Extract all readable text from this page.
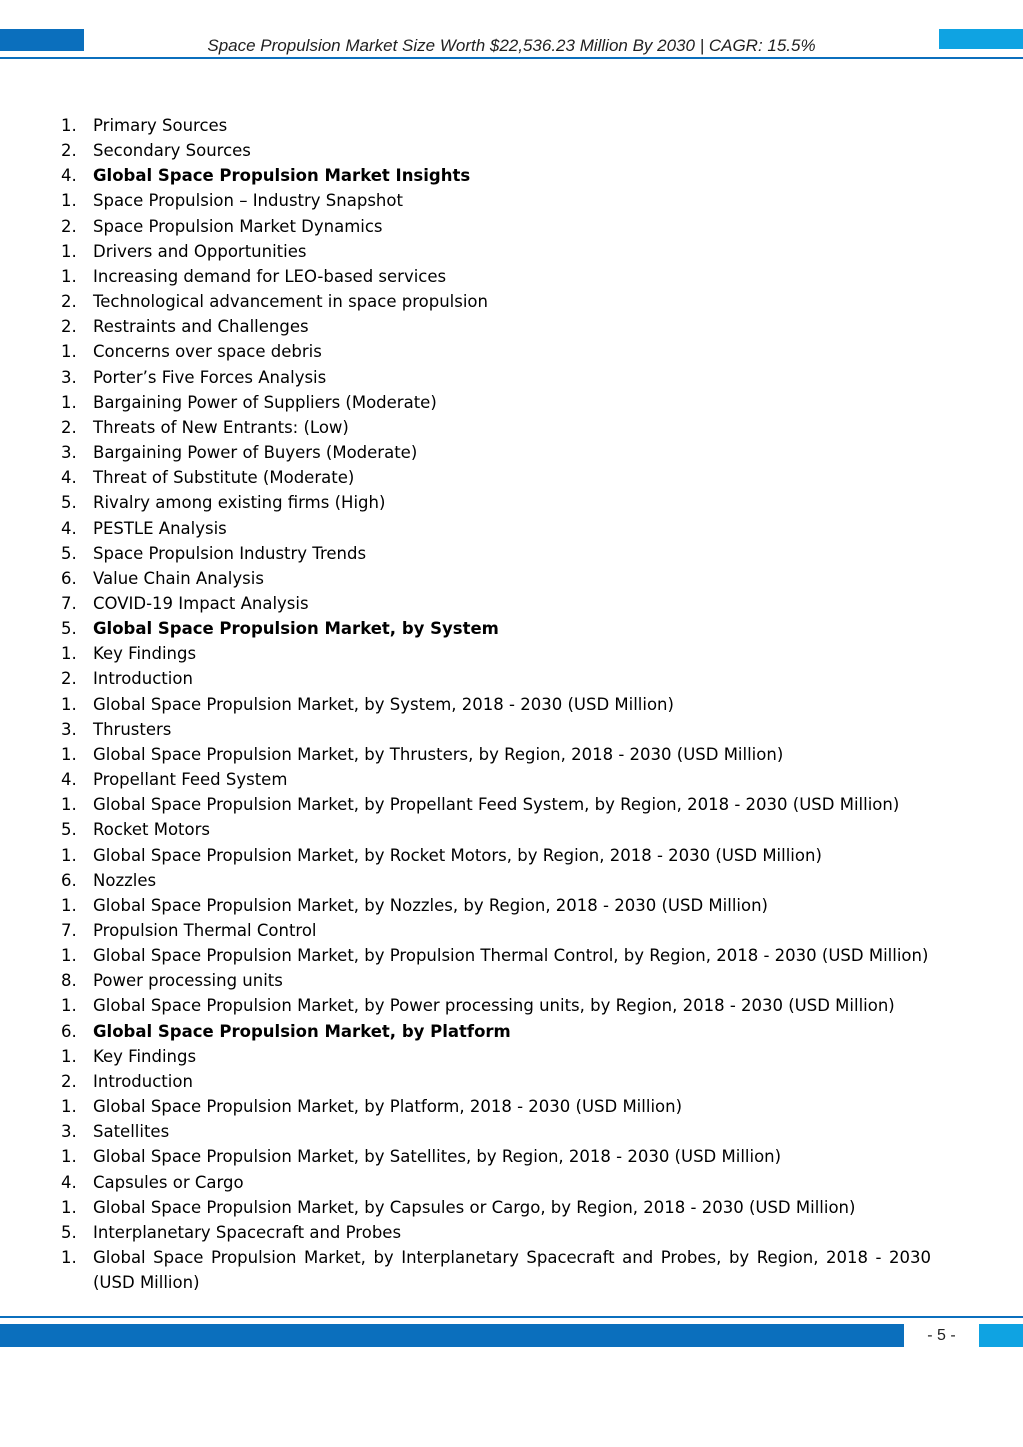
Space Propulsion Market Size Worth $22,536.23 Million By 2030 | CAGR: 15.5%
1. Primary Sources
2. Secondary Sources
4. Global Space Propulsion Market Insights
1. Space Propulsion – Industry Snapshot
2. Space Propulsion Market Dynamics
1. Drivers and Opportunities
1. Increasing demand for LEO-based services
2. Technological advancement in space propulsion
2. Restraints and Challenges
1. Concerns over space debris
3. Porter’s Five Forces Analysis
1. Bargaining Power of Suppliers (Moderate)
2. Threats of New Entrants: (Low)
3. Bargaining Power of Buyers (Moderate)
4. Threat of Substitute (Moderate)
5. Rivalry among existing firms (High)
4. PESTLE Analysis
5. Space Propulsion Industry Trends
6. Value Chain Analysis
7. COVID-19 Impact Analysis
5. Global Space Propulsion Market, by System
1. Key Findings
2. Introduction
1. Global Space Propulsion Market, by System, 2018 - 2030 (USD Million)
3. Thrusters
1. Global Space Propulsion Market, by Thrusters, by Region, 2018 - 2030 (USD Million)
4. Propellant Feed System
1. Global Space Propulsion Market, by Propellant Feed System, by Region, 2018 - 2030 (USD Million)
5. Rocket Motors
1. Global Space Propulsion Market, by Rocket Motors, by Region, 2018 - 2030 (USD Million)
6. Nozzles
1. Global Space Propulsion Market, by Nozzles, by Region, 2018 - 2030 (USD Million)
7. Propulsion Thermal Control
1. Global Space Propulsion Market, by Propulsion Thermal Control, by Region, 2018 - 2030 (USD Million)
8. Power processing units
1. Global Space Propulsion Market, by Power processing units, by Region, 2018 - 2030 (USD Million)
6. Global Space Propulsion Market, by Platform
1. Key Findings
2. Introduction
1. Global Space Propulsion Market, by Platform, 2018 - 2030 (USD Million)
3. Satellites
1. Global Space Propulsion Market, by Satellites, by Region, 2018 - 2030 (USD Million)
4. Capsules or Cargo
1. Global Space Propulsion Market, by Capsules or Cargo, by Region, 2018 - 2030 (USD Million)
5. Interplanetary Spacecraft and Probes
1. Global Space Propulsion Market, by Interplanetary Spacecraft and Probes, by Region, 2018 - 2030 (USD Million)
- 5 -
